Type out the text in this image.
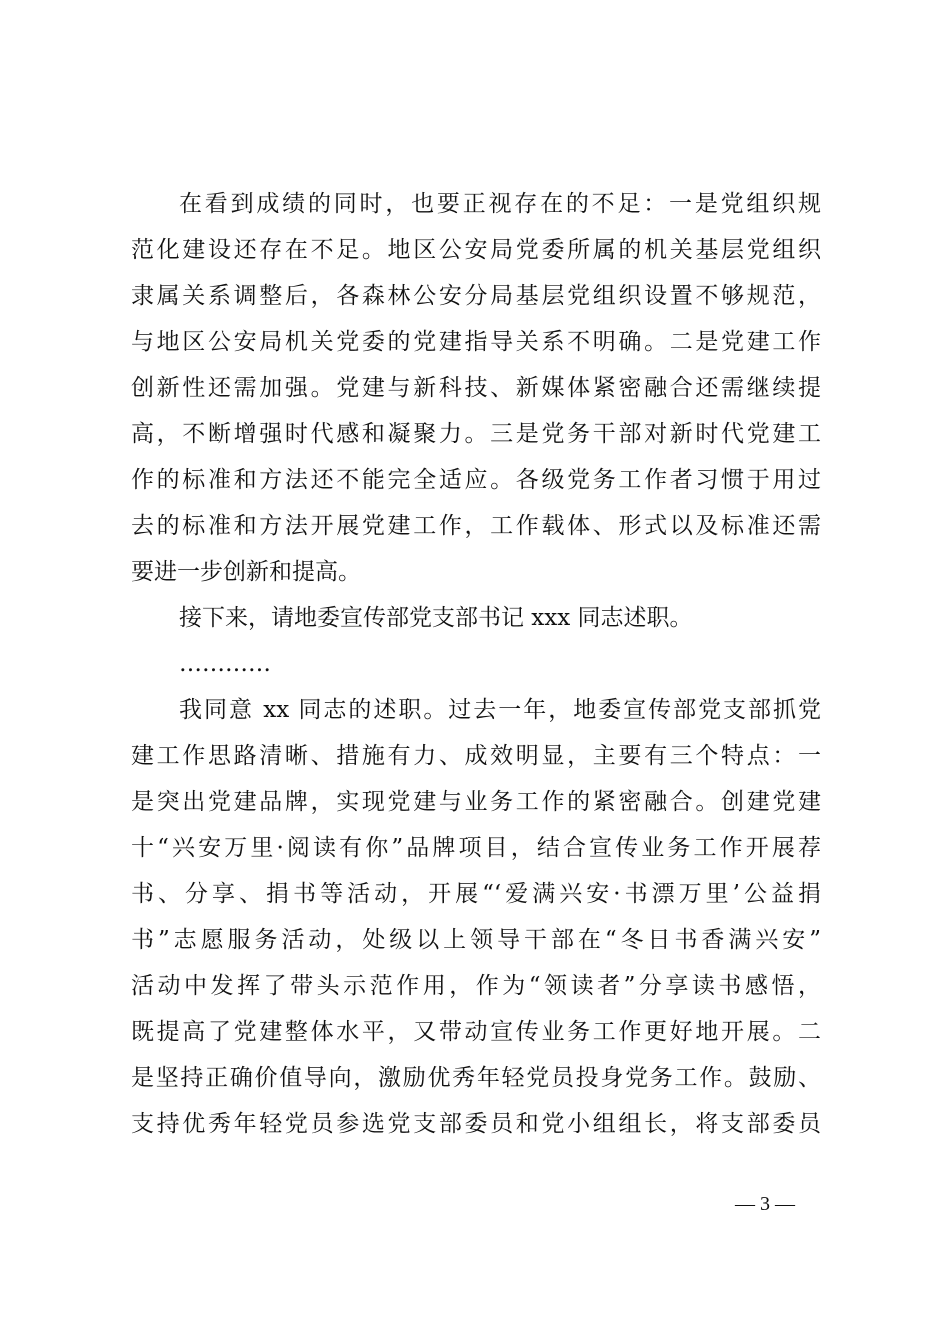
在看到成绩的同时，也要正视存在的不足：一是党组织规
范化建设还存在不足。地区公安局党委所属的机关基层党组织
隶属关系调整后，各森林公安分局基层党组织设置不够规范，
与地区公安局机关党委的党建指导关系不明确。二是党建工作
创新性还需加强。党建与新科技、新媒体紧密融合还需继续提
高，不断增强时代感和凝聚力。三是党务干部对新时代党建工
作的标准和方法还不能完全适应。各级党务工作者习惯于用过
去的标准和方法开展党建工作，工作载体、形式以及标准还需
要进一步创新和提高。
接下来，请地委宣传部党支部书记 xxx 同志述职。
…………
我同意 xx 同志的述职。过去一年，地委宣传部党支部抓党
建工作思路清晰、措施有力、成效明显，主要有三个特点：一
是突出党建品牌，实现党建与业务工作的紧密融合。创建党建
十“兴安万里·阅读有你”品牌项目，结合宣传业务工作开展荐
书、分享、捐书等活动，开展“‘爱满兴安·书漂万里’公益捐
书”志愿服务活动，处级以上领导干部在“冬日书香满兴安”
活动中发挥了带头示范作用，作为“领读者”分享读书感悟，
既提高了党建整体水平，又带动宣传业务工作更好地开展。二
是坚持正确价值导向，激励优秀年轻党员投身党务工作。鼓励、
支持优秀年轻党员参选党支部委员和党小组组长，将支部委员
— 3 —
